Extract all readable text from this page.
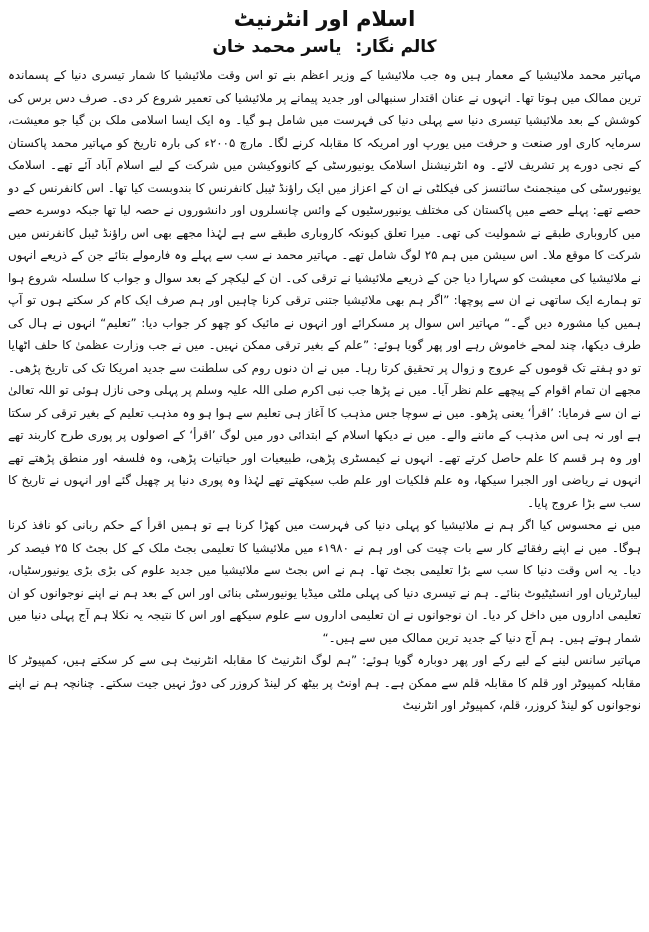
اسلام اور انٹرنیٹ
کالم نگار: یاسر محمد خان

مہاتیر محمد ملائیشیا کے معمار ہیں وہ جب ملائیشیا کے وزیر اعظم بنے تو اس وقت ملائیشیا کا شمار تیسری دنیا کے پسماندہ ترین ممالک میں ہوتا تھا۔ انہوں نے عنان اقتدار سنبھالی اور جدید پیمانے پر ملائیشیا کی تعمیر شروع کر دی۔ صرف دس برس کی کوشش کے بعد ملائیشیا تیسری دنیا سے پہلی دنیا کی فہرست میں شامل ہو گیا۔ وہ ایک ایسا اسلامی ملک بن گیا جو معیشت، سرمایہ کاری اور صنعت و حرفت میں یورپ اور امریکہ کا مقابلہ کرنے لگا۔ مارچ ۲۰۰۵ء کی بارہ تاریخ کو مہاتیر محمد پاکستان کے نجی دورے پر تشریف لائے۔ وہ انٹرنیشنل اسلامک یونیورسٹی کے کانووکیشن میں شرکت کے لیے اسلام آباد آئے تھے۔ اسلامک یونیورسٹی کی مینجمنٹ سائنسز کی فیکلٹی نے ان کے اعزاز میں ایک راؤنڈ ٹیبل کانفرنس کا بندوبست کیا تھا۔ اس کانفرنس کے دو حصے تھے: پہلے حصے میں پاکستان کی مختلف یونیورسٹیوں کے وائس چانسلروں اور دانشوروں نے حصہ لیا تھا جبکہ دوسرے حصے میں کاروباری طبقے نے شمولیت کی تھی۔ میرا تعلق کیونکہ کاروباری طبقے سے ہے لہٰذا مجھے بھی اس راؤنڈ ٹیبل کانفرنس میں شرکت کا موقع ملا۔ اس سیشن میں ہم ۲۵ لوگ شامل تھے۔ مہاتیر محمد نے سب سے پہلے وہ فارمولے بتائے جن کے ذریعے انہوں نے ملائیشیا کی معیشت کو سہارا دیا جن کے ذریعے ملائیشیا نے ترقی کی۔ ان کے لیکچر کے بعد سوال و جواب کا سلسلہ شروع ہوا تو ہمارے ایک ساتھی نے ان سے پوچھا: ”اگر ہم بھی ملائیشیا جتنی ترقی کرنا چاہیں اور ہم صرف ایک کام کر سکتے ہوں تو آپ ہمیں کیا مشورہ دیں گے۔“ مہاتیر اس سوال پر مسکرائے اور انہوں نے مائیک کو چھو کر جواب دیا: ”تعلیم“ انہوں نے ہال کی طرف دیکھا، چند لمحے خاموش رہے اور پھر گویا ہوئے: ”علم کے بغیر ترقی ممکن نہیں۔ میں نے جب وزارت عظمیٰ کا حلف اٹھایا تو دو ہفتے تک قوموں کے عروج و زوال پر تحقیق کرتا رہا۔ میں نے ان دنوں روم کی سلطنت سے جدید امریکا تک کی تاریخ پڑھی۔ مجھے ان تمام اقوام کے پیچھے علم نظر آیا۔ میں نے پڑھا جب نبی اکرم صلی اللہ علیہ وسلم پر پہلی وحی نازل ہوئی تو اللہ تعالیٰ نے ان سے فرمایا: ’اقرأ‘ یعنی پڑھو۔ میں نے سوچا جس مذہب کا آغاز ہی تعلیم سے ہوا ہو وہ مذہب تعلیم کے بغیر ترقی کر سکتا ہے اور نہ ہی اس مذہب کے ماننے والے۔ میں نے دیکھا اسلام کے ابتدائی دور میں لوگ ’اقرأ‘ کے اصولوں پر پوری طرح کاربند تھے اور وہ ہر قسم کا علم حاصل کرتے تھے۔ انہوں نے کیمسٹری پڑھی، طبیعیات اور حیاتیات پڑھی، وہ فلسفہ اور منطق پڑھتے تھے انہوں نے ریاضی اور الجبرا سیکھا، وہ علم فلکیات اور علم طب سیکھتے تھے لہٰذا وہ پوری دنیا پر چھیل گئے اور انہوں نے تاریخ کا سب سے بڑا عروج پایا۔

میں نے محسوس کیا اگر ہم نے ملائیشیا کو پہلی دنیا کی فہرست میں کھڑا کرنا ہے تو ہمیں اقرأ کے حکم ربانی کو نافذ کرنا ہوگا۔ میں نے اپنے رفقائے کار سے بات چیت کی اور ہم نے ۱۹۸۰ء میں ملائیشیا کا تعلیمی بجٹ ملک کے کل بجٹ کا ۲۵ فیصد کر دیا۔ یہ اس وقت دنیا کا سب سے بڑا تعلیمی بجٹ تھا۔ ہم نے اس بجٹ سے ملائیشیا میں جدید علوم کی بڑی بڑی یونیورسٹیاں، لیبارٹریاں اور انسٹیٹیوٹ بنائے۔ ہم نے تیسری دنیا کی پہلی ملٹی میڈیا یونیورسٹی بنائی اور اس کے بعد ہم نے اپنے نوجوانوں کو ان تعلیمی اداروں میں داخل کر دیا۔ ان نوجوانوں نے ان تعلیمی اداروں سے علوم سیکھے اور اس کا نتیجہ یہ نکلا ہم آج پہلی دنیا میں شمار ہوتے ہیں۔ ہم آج دنیا کے جدید ترین ممالک میں سے ہیں۔“

مہاتیر سانس لینے کے لیے رکے اور پھر دوبارہ گویا ہوئے: ”ہم لوگ انٹرنیٹ کا مقابلہ انٹرنیٹ ہی سے کر سکتے ہیں، کمپیوٹر کا مقابلہ کمپیوٹر اور قلم کا مقابلہ قلم سے ممکن ہے۔ ہم اونٹ پر بیٹھ کر لینڈ کروزر کی دوڑ نہیں جیت سکتے۔ چنانچہ ہم نے اپنے نوجوانوں کو لینڈ کروزر، قلم، کمپیوٹر اور انٹرنیٹ
